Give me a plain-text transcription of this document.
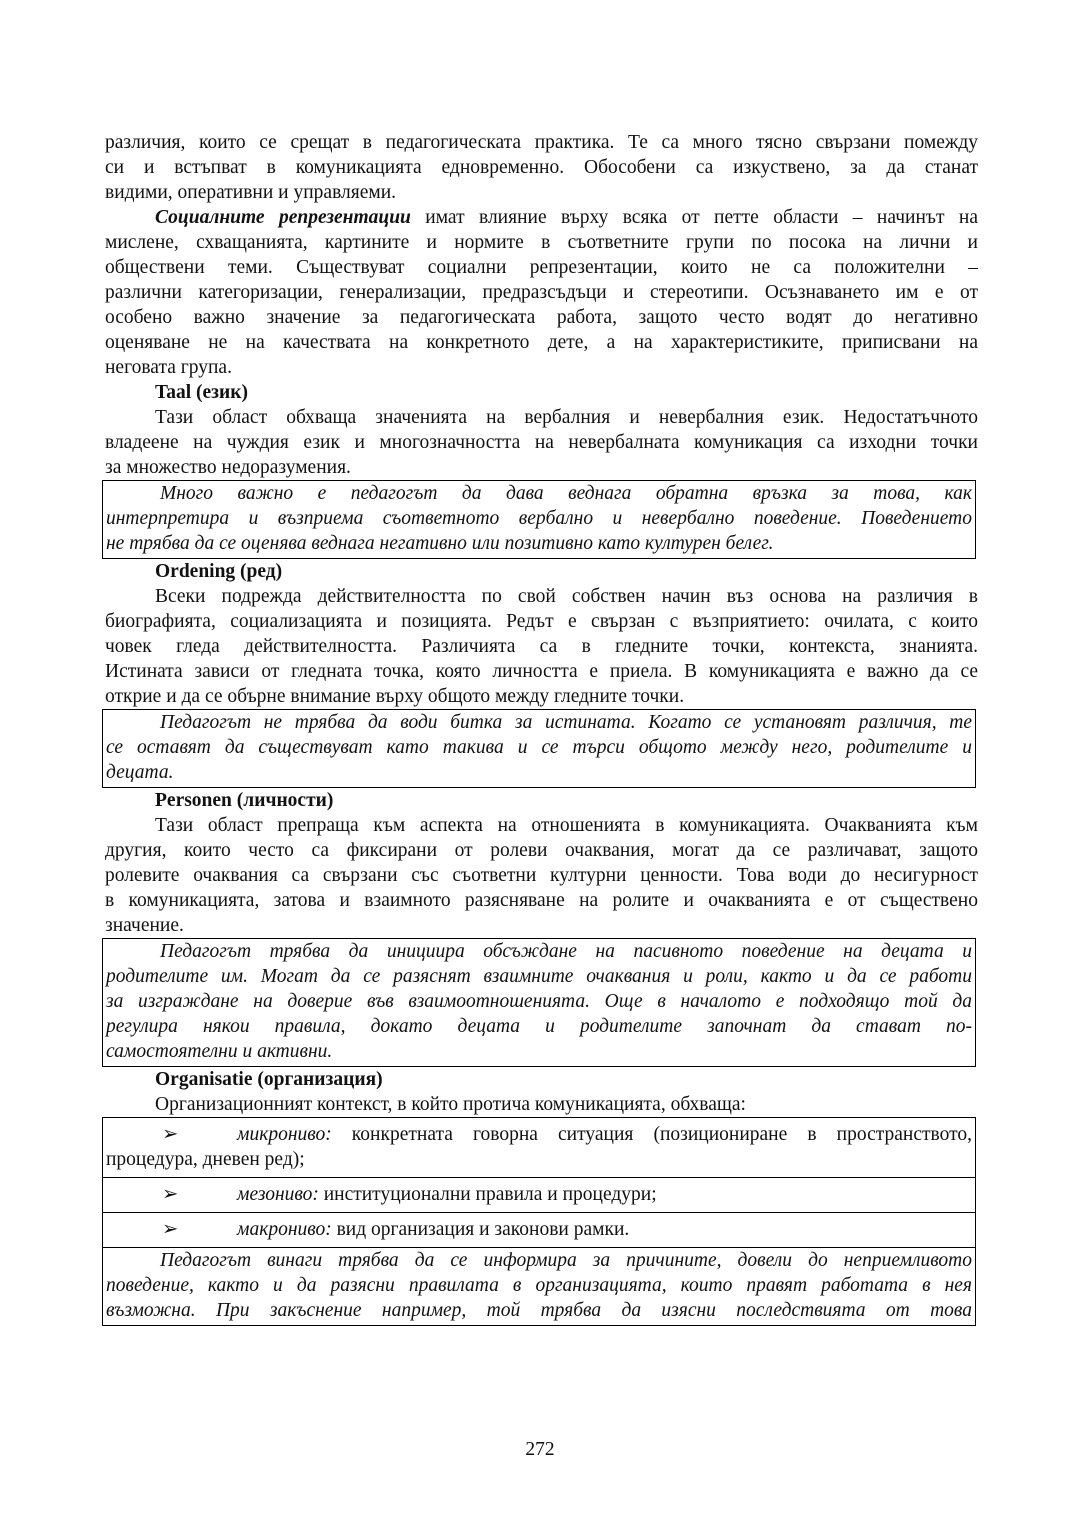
различия, които се срещат в педагогическата практика. Те са много тясно свързани помежду
си и встъпват в комуникацията едновременно. Обособени са изкуствено, за да станат
видими, оперативни и управляеми.
Социалните репрезентации имат влияние върху всяка от петте области – начинът на
мислене, схващанията, картините и нормите в съответните групи по посока на лични и
обществени теми. Съществуват социални репрезентации, които не са положителни –
различни категоризации, генерализации, предразсъдъци и стереотипи. Осъзнаването им е от
особено важно значение за педагогическата работа, защото често водят до негативно
оценяване не на качествата на конкретното дете, а на характеристиките, приписвани на
неговата група.
Taal (език)
Тази област обхваща значенията на вербалния и невербалния език. Недостатъчното
владеене на чуждия език и многозначността на невербалната комуникация са изходни точки
за множество недоразумения.
Много важно е педагогът да дава веднага обратна връзка за това, как
интерпретира и възприема съответното вербално и невербално поведение. Поведението
не трябва да се оценява веднага негативно или позитивно като културен белег.
Ordening (ред)
Всеки подрежда действителността по свой собствен начин въз основа на различия в
биографията, социализацията и позицията. Редът е свързан с възприятието: очилата, с които
човек гледа действителността. Различията са в гледните точки, контекста, знанията.
Истината зависи от гледната точка, която личността е приела. В комуникацията е важно да се
открие и да се обърне внимание върху общото между гледните точки.
Педагогът не трябва да води битка за истината. Когато се установят различия, те
се оставят да съществуват като такива и се търси общото между него, родителите и
децата.
Personen (личности)
Тази област препраща към аспекта на отношенията в комуникацията. Очакванията към
другия, които често са фиксирани от ролеви очаквания, могат да се различават, защото
ролевите очаквания са свързани със съответни културни ценности. Това води до несигурност
в комуникацията, затова и взаимното разясняване на ролите и очакванията е от съществено
значение.
Педагогът трябва да инициира обсъждане на пасивното поведение на децата и
родителите им. Могат да се разяснят взаимните очаквания и роли, както и да се работи
за изграждане на доверие във взаимоотношенията. Още в началото е подходящо той да
регулира някои правила, докато децата и родителите започнат да стават по-
самостоятелни и активни.
Organisatie (организация)
Организационният контекст, в който протича комуникацията, обхваща:
➢	микрониво: конкретната говорна ситуация (позициониране в пространството,
процедура, дневен ред);
➢	мезониво: институционални правила и процедури;
➢	макрониво: вид организация и законови рамки.
Педагогът винаги трябва да се информира за причините, довели до неприемливото
поведение, както и да разясни правилата в организацията, които правят работата в нея
възможна. При закъснение например, той трябва да изясни последствията от това
272
